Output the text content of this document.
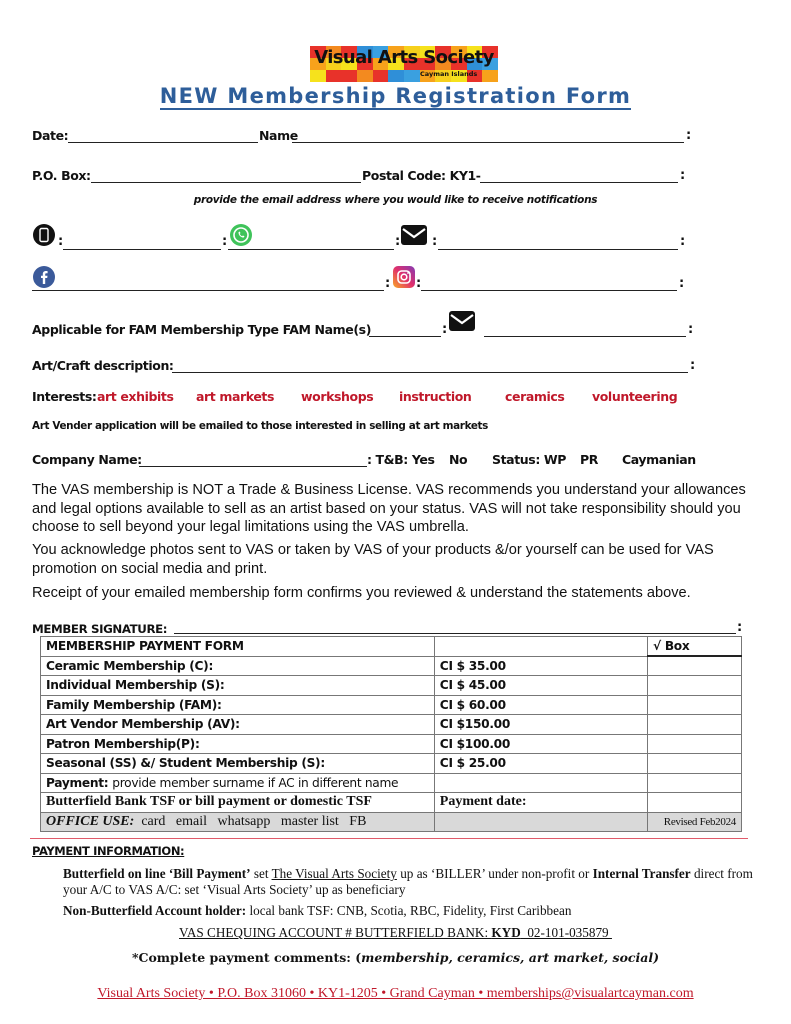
Visual Arts Society
Cayman Islands
NEW Membership Registration Form
Date:	Name	:
P.O. Box:	Postal Code: KY1-	:
provide the email address where you would like to receive notifications
:	:	: :	:
: :	:
Applicable for FAM Membership Type FAM Name(s)	:	:
Art/Craft description:	:
Interests: art exhibits art markets workshops instruction	ceramics volunteering
Art Vender application will be emailed to those interested in selling at art markets
Company Name:	: T&B: Yes No Status: WP PR Caymanian
The VAS membership is NOT a Trade & Business License. VAS recommends you understand your allowances and legal options available to sell as an artist based on your status. VAS will not take responsibility should you choose to sell beyond your legal limitations using the VAS umbrella.
You acknowledge photos sent to VAS or taken by VAS of your products &/or yourself can be used for VAS promotion on social media and print.
Receipt of your emailed membership form confirms you reviewed & understand the statements above.
MEMBER SIGNATURE:	:
MEMBERSHIP PAYMENT FORM		√ Box
Ceramic Membership (C):	CI $ 35.00	
Individual Membership (S):	CI $ 45.00	
Family Membership (FAM):	CI $ 60.00	
Art Vendor Membership (AV):	CI $150.00	
Patron Membership(P):	CI $100.00	
Seasonal (SS) &/ Student Membership (S):	CI $ 25.00	
Payment: provide member surname if AC in different name		
Butterfield Bank TSF or bill payment or domestic TSF	Payment date:	
OFFICE USE: card   email   whatsapp   master list   FB		Revised Feb2024
PAYMENT INFORMATION:
Butterfield on line ‘Bill Payment’ set The Visual Arts Society up as ‘BILLER’ under non-profit or Internal Transfer direct from your A/C to VAS A/C: set ‘Visual Arts Society’ up as beneficiary
Non-Butterfield Account holder: local bank TSF: CNB, Scotia, RBC, Fidelity, First Caribbean
VAS CHEQUING ACCOUNT # BUTTERFIELD BANK: KYD  02-101-035879
*Complete payment comments: (membership, ceramics, art market, social)
Visual Arts Society • P.O. Box 31060 • KY1-1205 • Grand Cayman • memberships@visualartcayman.com
